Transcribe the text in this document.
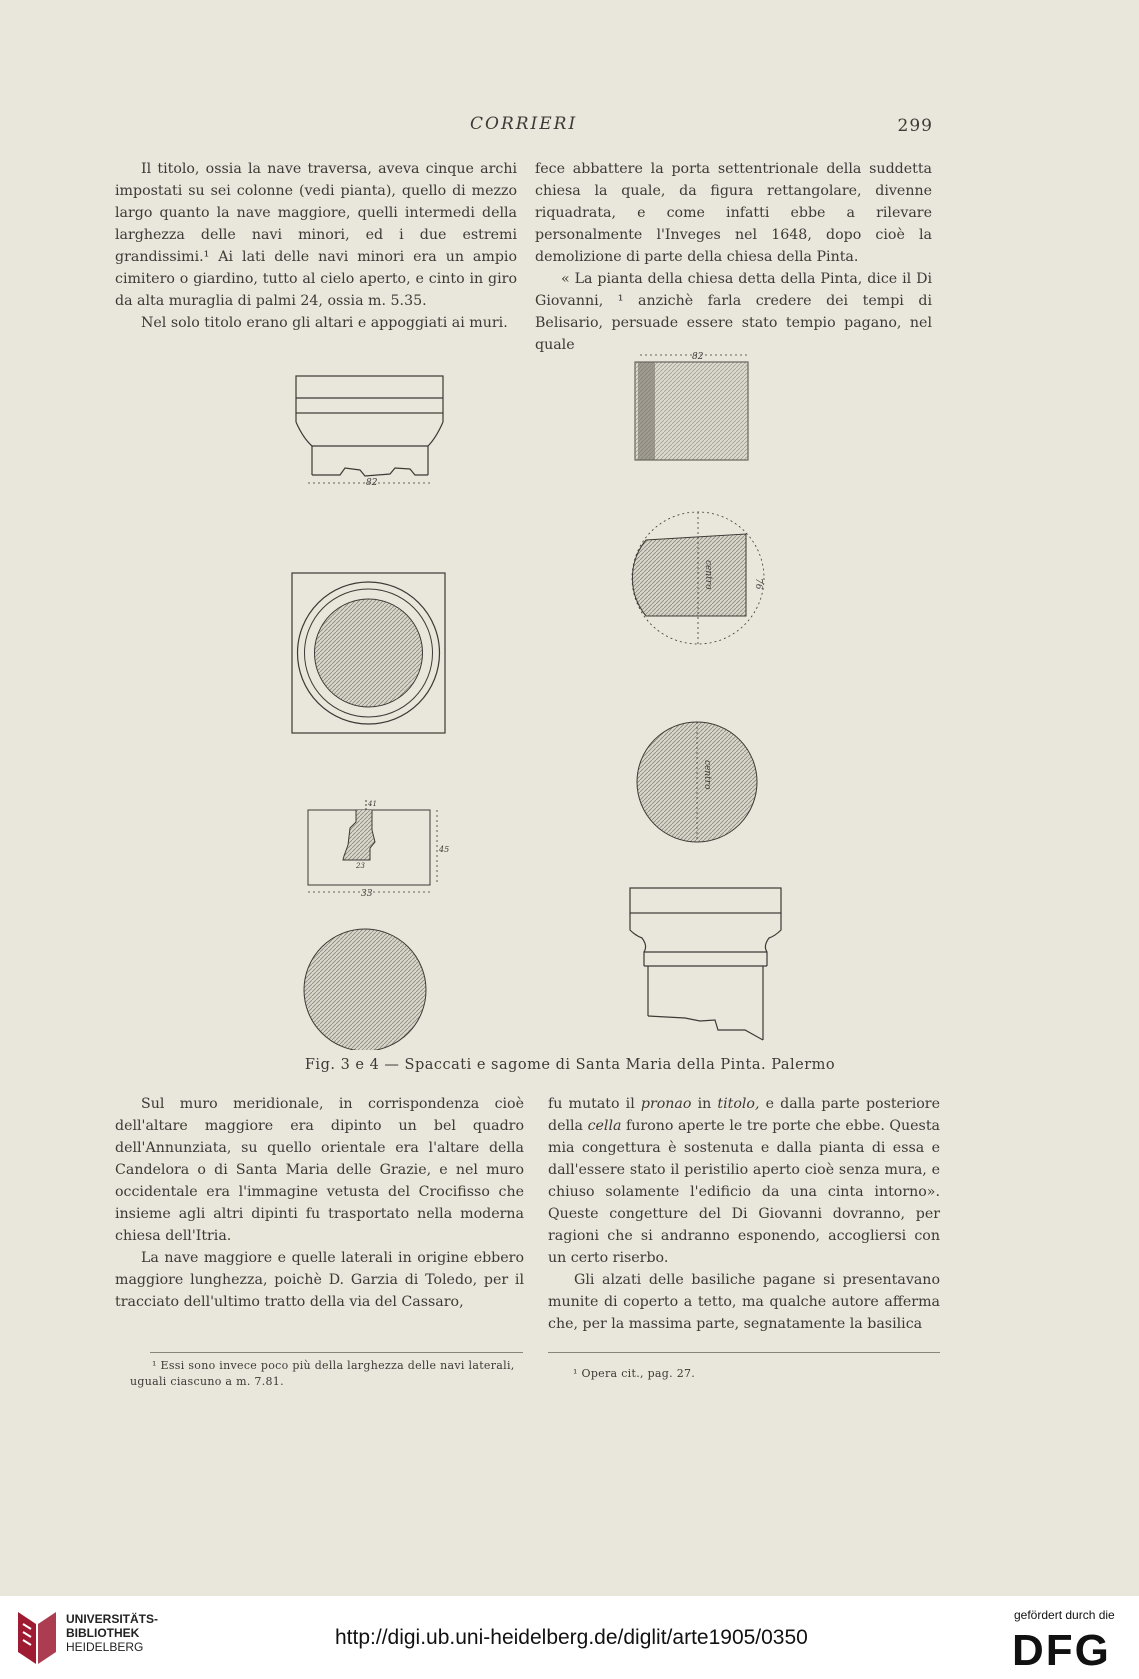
CORRIERI	299

Il titolo, ossia la nave traversa, aveva cinque archi impostati su sei colonne (vedi pianta), quello di mezzo largo quanto la nave maggiore, quelli intermedi della larghezza delle navi minori, ed i due estremi grandissimi.¹ Ai lati delle navi minori era un ampio cimitero o giardino, tutto al cielo aperto, e cinto in giro da alta muraglia di palmi 24, ossia m. 5.35.

Nel solo titolo erano gli altari e appoggiati ai muri.

fece abbattere la porta settentrionale della suddetta chiesa la quale, da figura rettangolare, divenne riquadrata, e come infatti ebbe a rilevare personalmente l'Inveges nel 1648, dopo cioè la demolizione di parte della chiesa della Pinta.

« La pianta della chiesa detta della Pinta, dice il Di Giovanni, ¹ anzichè farla credere dei tempi di Belisario, persuade essere stato tempio pagano, nel quale

82
33
23
41
45
82
centro	76
centro
Fig. 3 e 4 — Spaccati e sagome di Santa Maria della Pinta. Palermo

Sul muro meridionale, in corrispondenza cioè dell'altare maggiore era dipinto un bel quadro dell'Annunziata, su quello orientale era l'altare della Candelora o di Santa Maria delle Grazie, e nel muro occidentale era l'immagine vetusta del Crocifisso che insieme agli altri dipinti fu trasportato nella moderna chiesa dell'Itria.

La nave maggiore e quelle laterali in origine ebbero maggiore lunghezza, poichè D. Garzia di Toledo, per il tracciato dell'ultimo tratto della via del Cassaro,

fu mutato il pronao in titolo, e dalla parte posteriore della cella furono aperte le tre porte che ebbe. Questa mia congettura è sostenuta e dalla pianta di essa e dall'essere stato il peristilio aperto cioè senza mura, e chiuso solamente l'edificio da una cinta intorno». Queste congetture del Di Giovanni dovranno, per ragioni che si andranno esponendo, accogliersi con un certo riserbo.

Gli alzati delle basiliche pagane si presentavano munite di coperto a tetto, ma qualche autore afferma che, per la massima parte, segnatamente la basilica

¹ Essi sono invece poco più della larghezza delle navi laterali, uguali ciascuno a m. 7.81.
¹ Opera cit., pag. 27.
UNIVERSITÄTS-
BIBLIOTHEK
HEIDELBERG	http://digi.ub.uni-heidelberg.de/diglit/arte1905/0350
gefördert durch die
DFG
